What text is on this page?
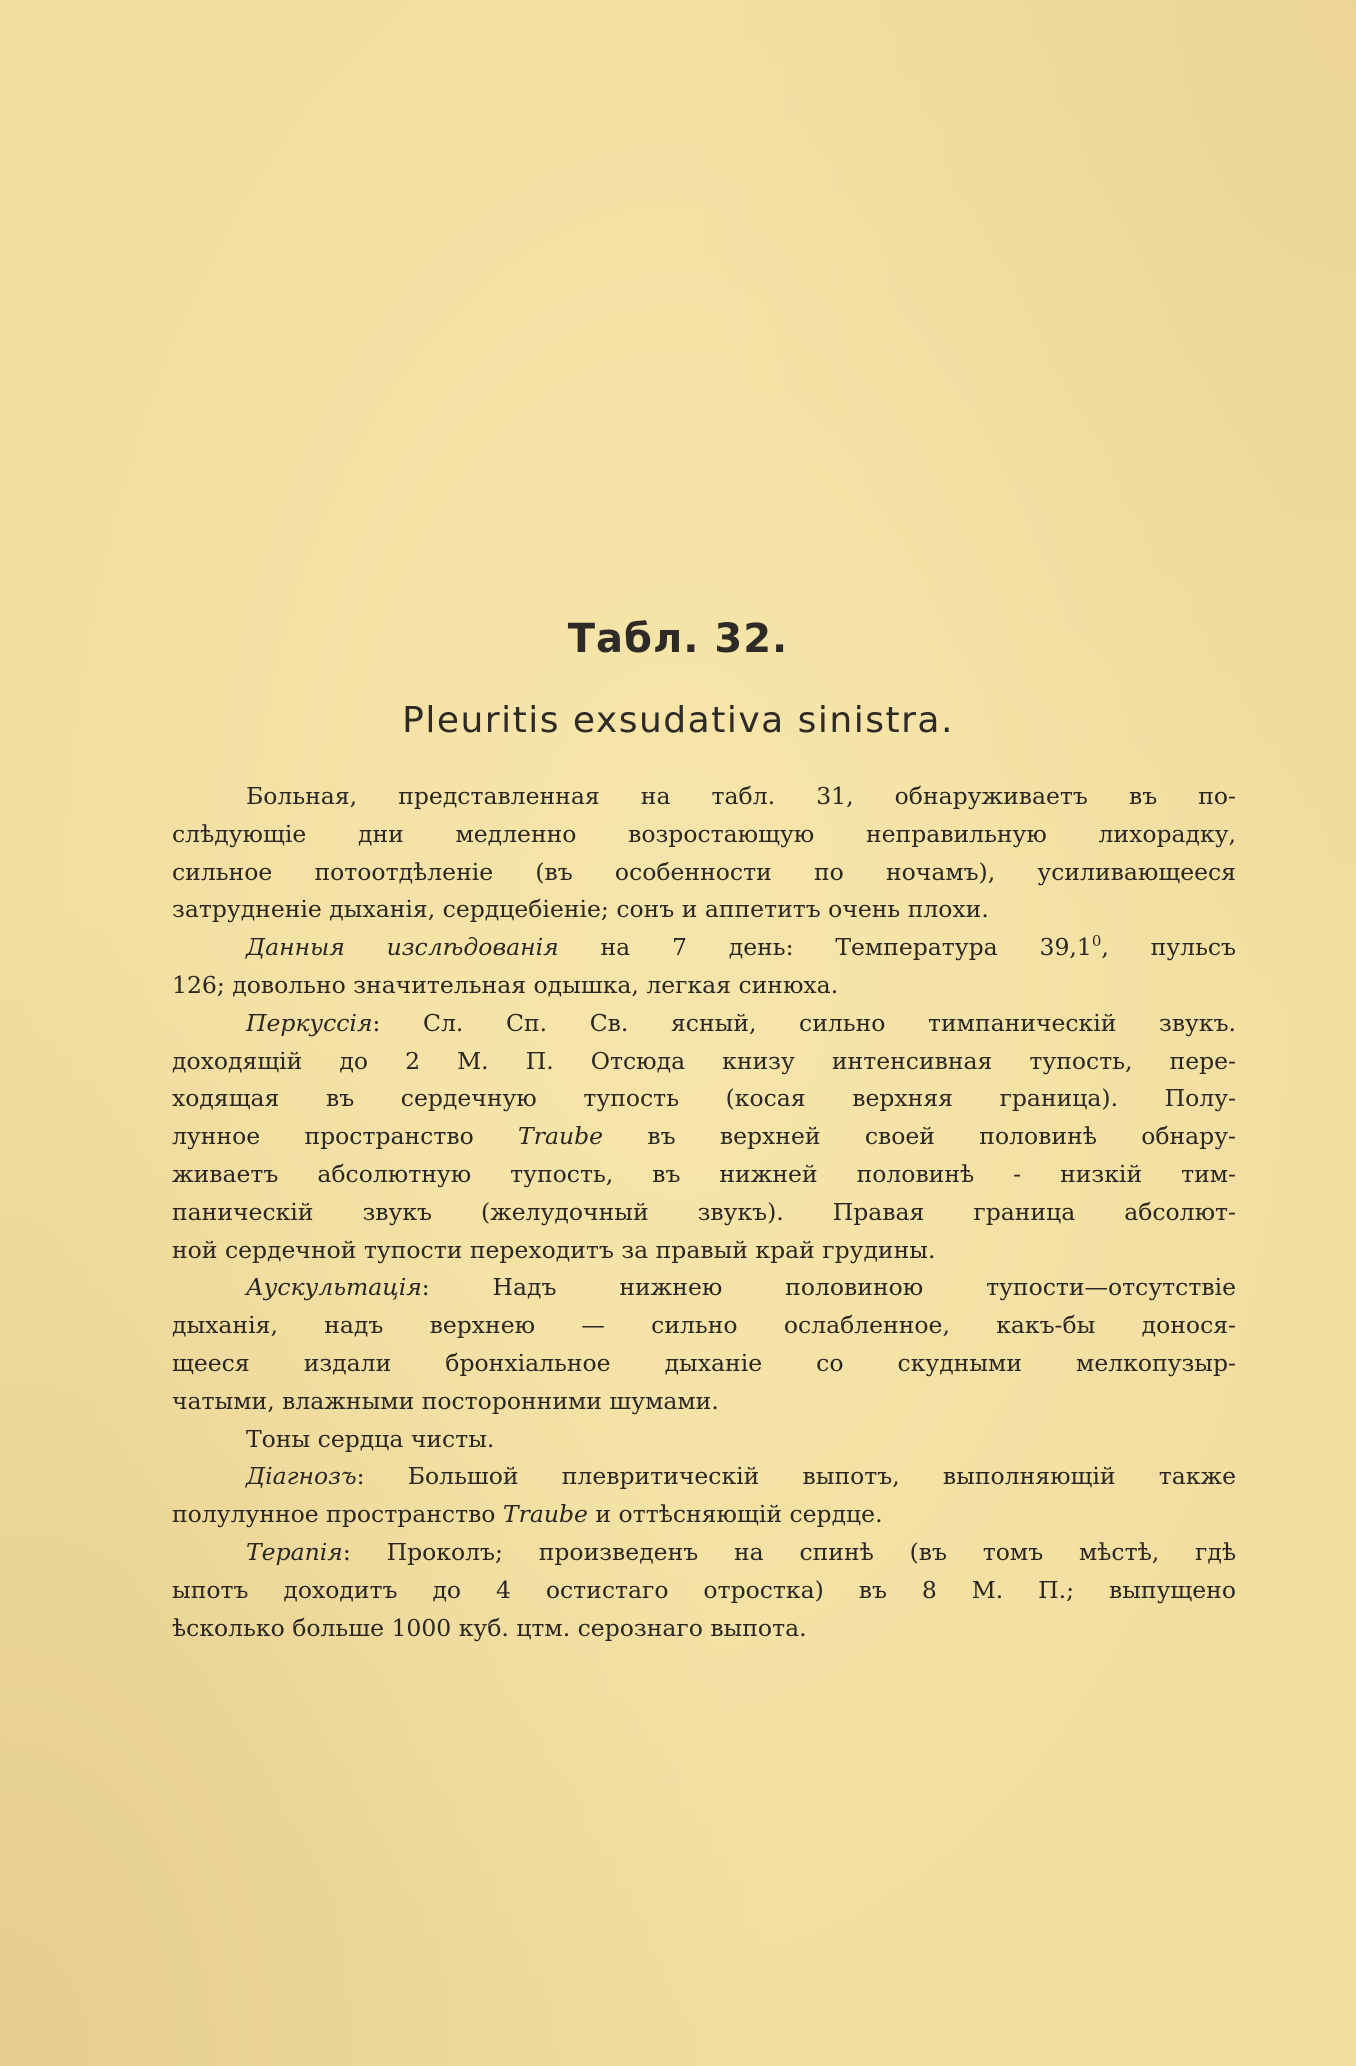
Табл. 32.
Pleuritis exsudativa sinistra.
Больная, представленная на табл. 31, обнаруживаетъ въ по-
слѣдующіе дни медленно возростающую неправильную лихорадку,
сильное потоотдѣленіе (въ особенности по ночамъ), усиливающееся
затрудненіе дыханія, сердцебіеніе; сонъ и аппетитъ очень плохи.
Данныя изслѣдованія на 7 день: Температура 39,1$^0$, пульсъ
126; довольно значительная одышка, легкая синюха.
Перкуссія: Сл. Сп. Св. ясный, сильно тимпаническій звукъ.
доходящій до 2 М. П. Отсюда книзу интенсивная тупость, пере-
ходящая въ сердечную тупость (косая верхняя граница). Полу-
лунное пространство Traube въ верхней своей половинѣ обнару-
живаетъ абсолютную тупость, въ нижней половинѣ - низкій тим-
паническій звукъ (желудочный звукъ). Правая граница абсолют-
ной сердечной тупости переходитъ за правый край грудины.
Аускультація: Надъ нижнею половиною тупости—отсутствіе
дыханія, надъ верхнею — сильно ослабленное, какъ-бы донося-
щееся издали бронхіальное дыханіе со скудными мелкопузыр-
чатыми, влажными посторонними шумами.
Тоны сердца чисты.
Діагнозъ: Большой плевритическій выпотъ, выполняющій также
полулунное пространство Traube и оттѣсняющій сердце.
Терапія: Проколъ; произведенъ на спинѣ (въ томъ мѣстѣ, гдѣ
ыпотъ доходитъ до 4 остистаго отростка) въ 8 М. П.; выпущено
ѣсколько больше 1000 куб. цтм. серознаго выпота.
